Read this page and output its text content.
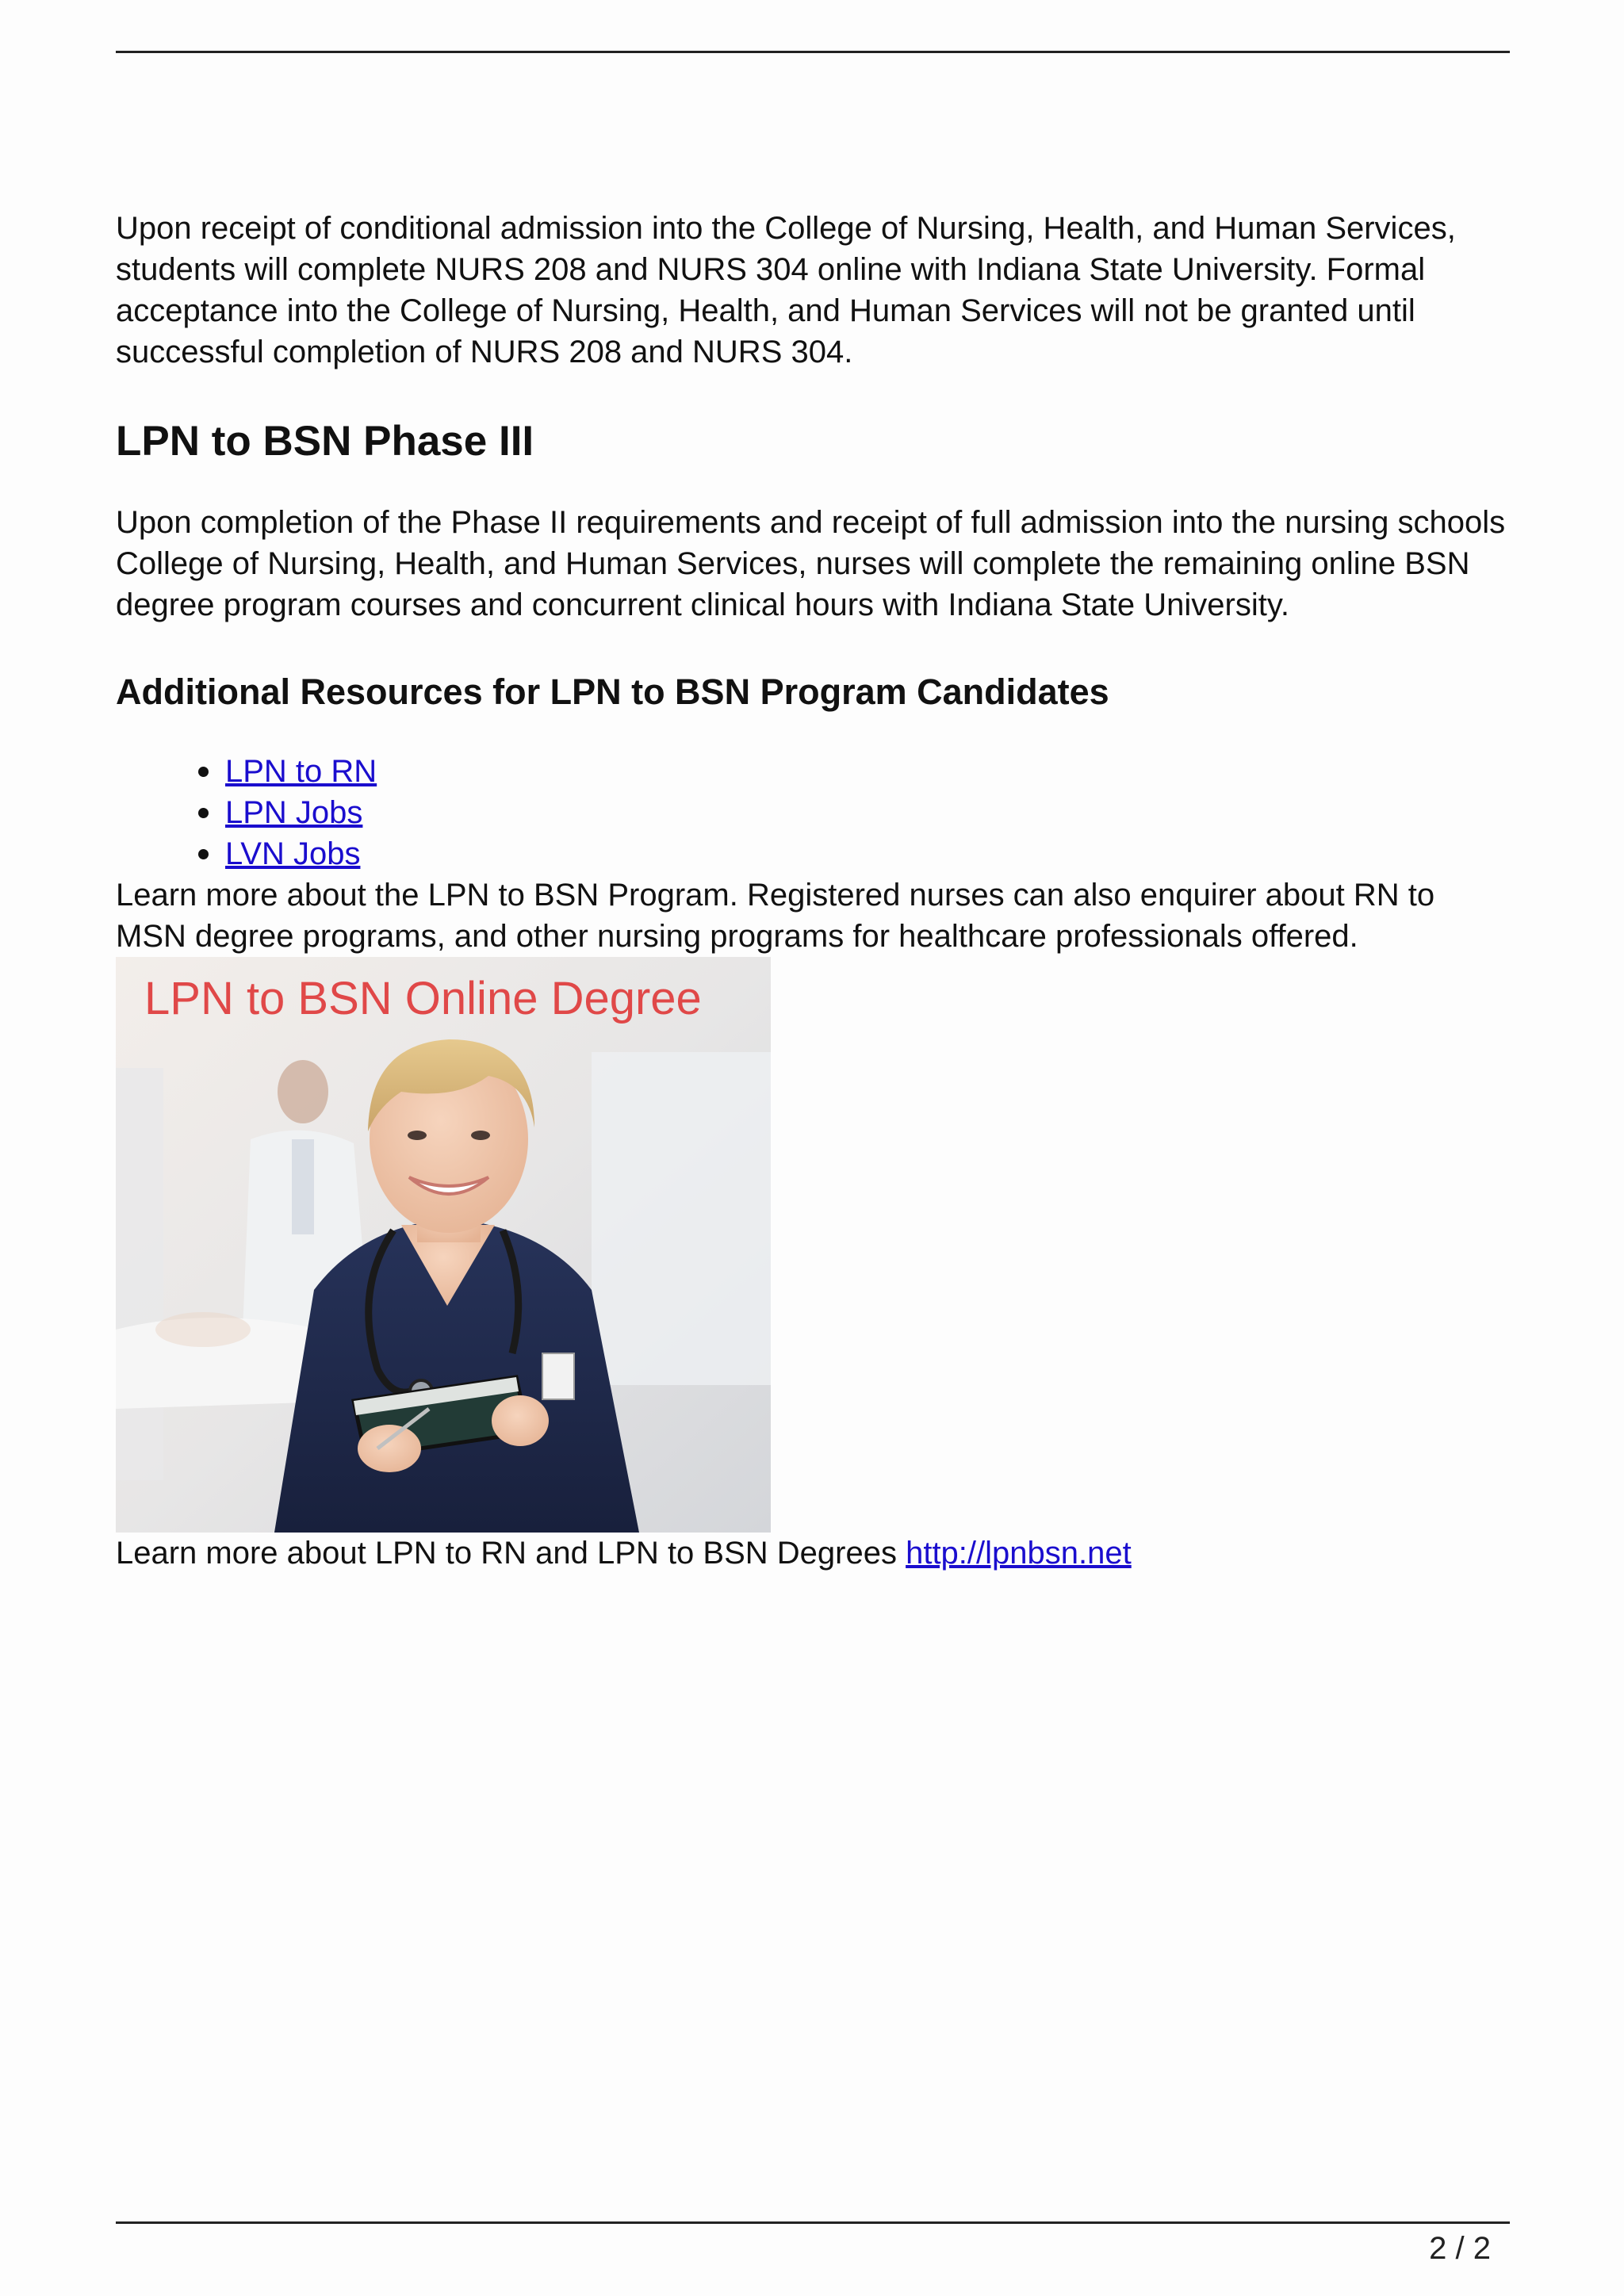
Upon receipt of conditional admission into the College of Nursing, Health, and Human Services, students will complete NURS 208 and NURS 304 online with Indiana State University. Formal acceptance into the College of Nursing, Health, and Human Services will not be granted until successful completion of NURS 208 and NURS 304.

LPN to BSN Phase III

Upon completion of the Phase II requirements and receipt of full admission into the nursing schools College of Nursing, Health, and Human Services, nurses will complete the remaining online BSN degree program courses and concurrent clinical hours with Indiana State University.

Additional Resources for LPN to BSN Program Candidates
LPN to RN
LPN Jobs
LVN Jobs

Learn more about the LPN to BSN Program. Registered nurses can also enquirer about RN to MSN degree programs, and other nursing programs for healthcare professionals offered.

LPN to BSN Online Degree

Learn more about LPN to RN and LPN to BSN Degrees http://lpnbsn.net

2 / 2
